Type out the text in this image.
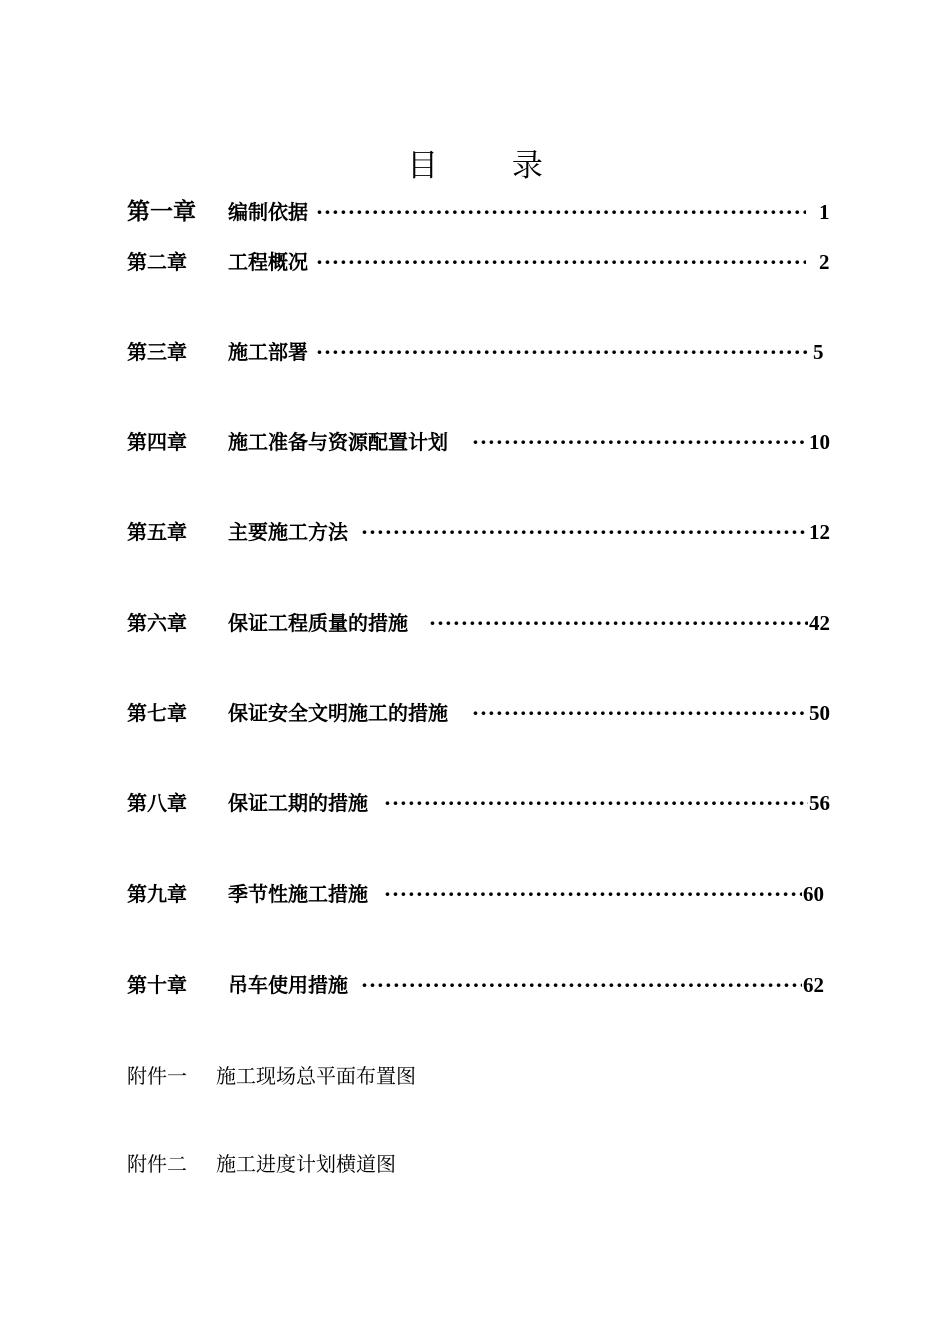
目 录
第一章 编制依据 ·····	1
第二章 工程概况 ·····	2
第三章 施工部署 ·····	5
第四章 施工准备与资源配置计划 ·····	10
第五章 主要施工方法 ·····	12
第六章 保证工程质量的措施 ·····	42
第七章 保证安全文明施工的措施 ·····	50
第八章 保证工期的措施 ·····	56
第九章 季节性施工措施 ·····	60
第十章 吊车使用措施 ·····	62
附件一 施工现场总平面布置图
附件二 施工进度计划横道图
